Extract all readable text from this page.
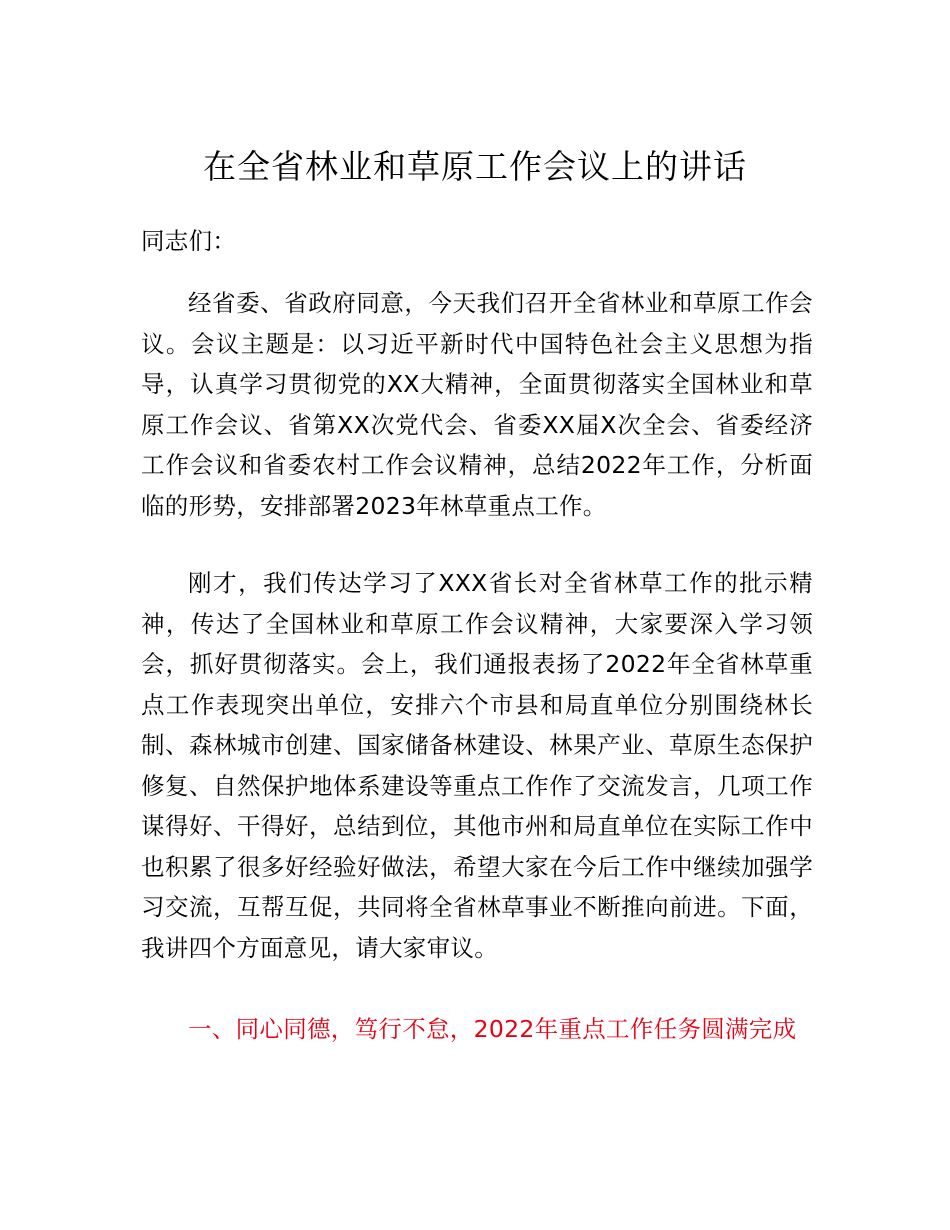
在全省林业和草原工作会议上的讲话

同志们：

经省委、省政府同意，今天我们召开全省林业和草原工作会议。会议主题是：以习近平新时代中国特色社会主义思想为指导，认真学习贯彻党的XX大精神，全面贯彻落实全国林业和草原工作会议、省第XX次党代会、省委XX届X次全会、省委经济工作会议和省委农村工作会议精神，总结2022年工作，分析面临的形势，安排部署2023年林草重点工作。

刚才，我们传达学习了XXX省长对全省林草工作的批示精神，传达了全国林业和草原工作会议精神，大家要深入学习领会，抓好贯彻落实。会上，我们通报表扬了2022年全省林草重点工作表现突出单位，安排六个市县和局直单位分别围绕林长制、森林城市创建、国家储备林建设、林果产业、草原生态保护修复、自然保护地体系建设等重点工作作了交流发言，几项工作谋得好、干得好，总结到位，其他市州和局直单位在实际工作中也积累了很多好经验好做法，希望大家在今后工作中继续加强学习交流，互帮互促，共同将全省林草事业不断推向前进。下面，我讲四个方面意见，请大家审议。

一、同心同德，笃行不怠，2022年重点工作任务圆满完成
